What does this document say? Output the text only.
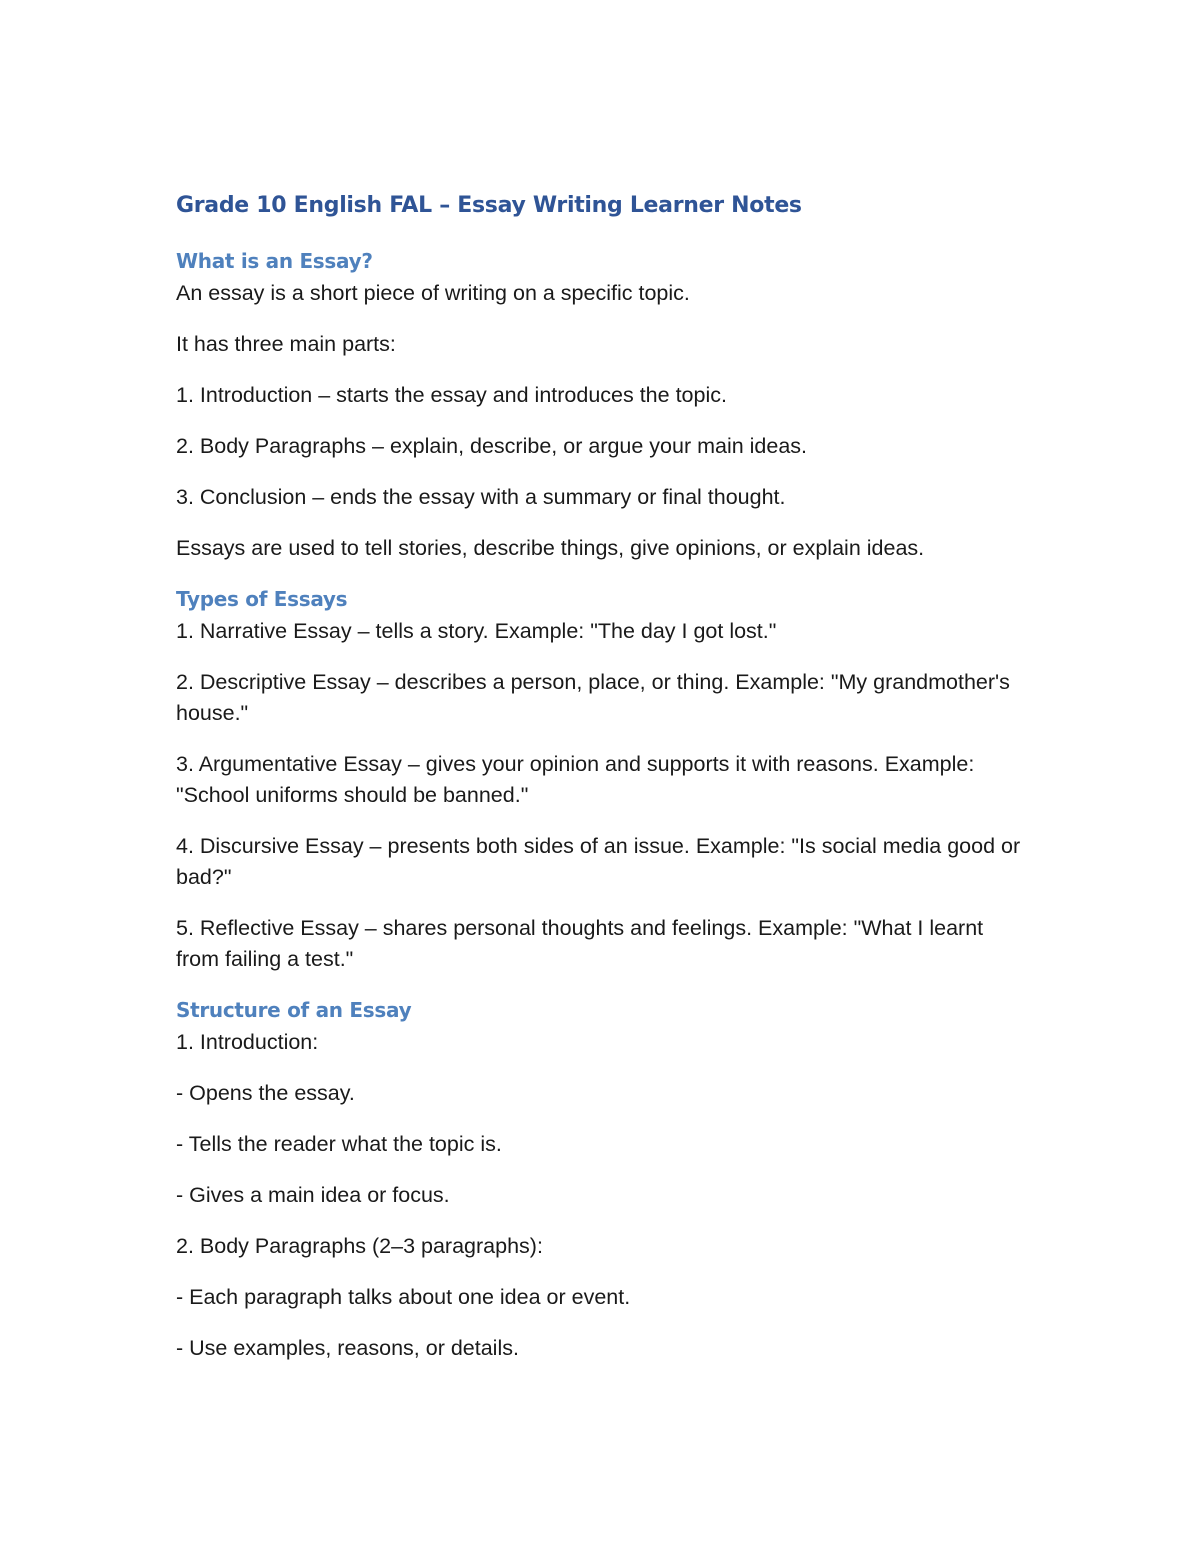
Grade 10 English FAL – Essay Writing Learner Notes
What is an Essay?

An essay is a short piece of writing on a specific topic.

It has three main parts:

1. Introduction – starts the essay and introduces the topic.

2. Body Paragraphs – explain, describe, or argue your main ideas.

3. Conclusion – ends the essay with a summary or final thought.

Essays are used to tell stories, describe things, give opinions, or explain ideas.

Types of Essays

1. Narrative Essay – tells a story. Example: "The day I got lost."

2. Descriptive Essay – describes a person, place, or thing. Example: "My grandmother's house."

3. Argumentative Essay – gives your opinion and supports it with reasons. Example: "School uniforms should be banned."

4. Discursive Essay – presents both sides of an issue. Example: "Is social media good or bad?"

5. Reflective Essay – shares personal thoughts and feelings. Example: "What I learnt from failing a test."

Structure of an Essay

1. Introduction:

- Opens the essay.

- Tells the reader what the topic is.

- Gives a main idea or focus.

2. Body Paragraphs (2–3 paragraphs):

- Each paragraph talks about one idea or event.

- Use examples, reasons, or details.
